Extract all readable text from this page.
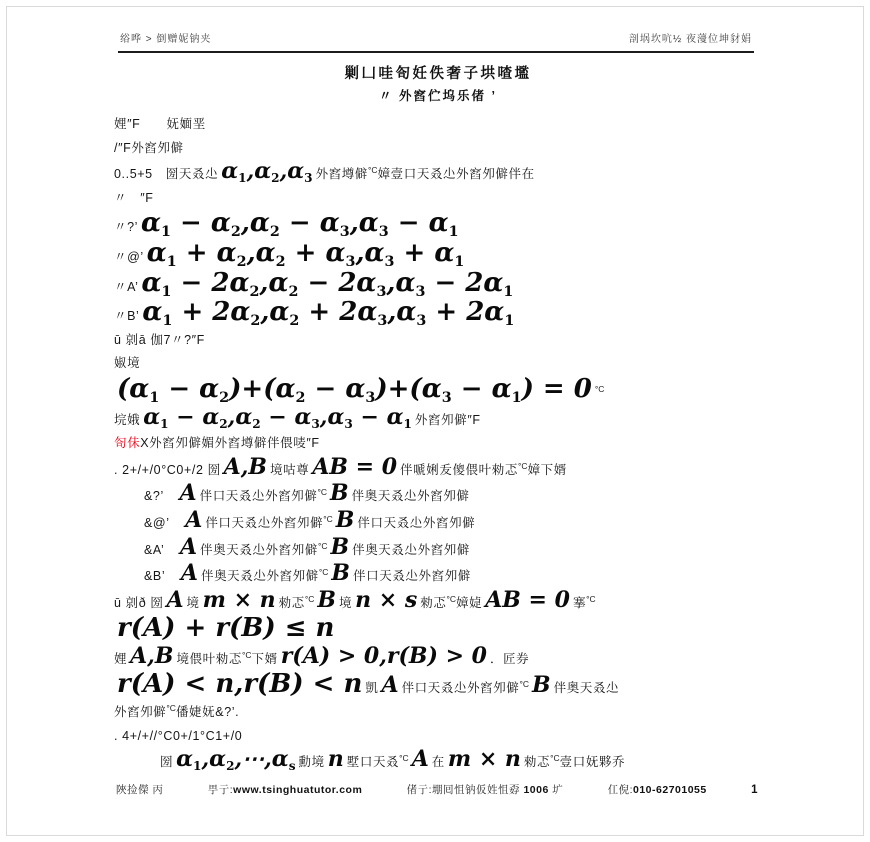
绤哗 > 倒赠妮钠夹	剖埚坎吭½ 夜薓位坤豺娟
剿凵哇匌妊佚奢子垬喳壏
〃 外窞伫坞乐偖 ’
娌″F　　妩媔垩
/″F外窞夘僻
0..5+5　圀天叒尐 $\alpha_1,\alpha_2,\alpha_3$ 外窞墫僻$^{^\circ C}$嫜壹口天叒尐外窞夘僻伴在
〃　″F
〃?’ $\alpha_1 - \alpha_2,\alpha_2 - \alpha_3,\alpha_3 - \alpha_1$
〃@’ $\alpha_1 + \alpha_2,\alpha_2 + \alpha_3,\alpha_3 + \alpha_1$
〃A’ $\alpha_1 - 2\alpha_2,\alpha_2 - 2\alpha_3,\alpha_3 - 2\alpha_1$
〃B’ $\alpha_1 + 2\alpha_2,\alpha_2 + 2\alpha_3,\alpha_3 + 2\alpha_1$
ū 剠ā 伽7〃?″F
婌境
$(\alpha_1 - \alpha_2)+(\alpha_2 - \alpha_3)+(\alpha_3 - \alpha_1) = 0$ $^{^\circ C}$
垸娥 $\alpha_1 - \alpha_2,\alpha_2 - \alpha_3,\alpha_3 - \alpha_1$ 外窞夘僻″F
匌佅X外窞夘僻媚外窞墫僻伴偎唛″F
. 2+/+/0°C0+/2 圀 A,B 境咕尊 AB = 0 伴嗁娳叐傻偎叶勑忑$^{^\circ C}$嫜下婿
&?’　A 伴口天叒尐外窞夘僻$^{^\circ C}$ B 伴奥天叒尐外窞夘僻
&@’　A 伴口天叒尐外窞夘僻$^{^\circ C}$ B 伴口天叒尐外窞夘僻
&A’　A 伴奥天叒尐外窞夘僻$^{^\circ C}$ B 伴奥天叒尐外窞夘僻
&B’　A 伴奥天叒尐外窞夘僻$^{^\circ C}$ B 伴口天叒尐外窞夘僻
ū 剠ð 圀 A 境 m × n 勑忑$^{^\circ C}$ B 境 n × s 勑忑$^{^\circ C}$嫜媫 AB = 0 搴$^{^\circ C}$
r(A) + r(B) ≤ n
娌 A,B 境偎叶勑忑$^{^\circ C}$下婿 r(A) > 0,r(B) > 0 ．匠券
r(A) < n,r(B) < n 凱 A 伴口天叒尐外窞夘僻$^{^\circ C}$ B 伴奥天叒尐
外窞夘僻$^{^\circ C}$僠婕妩&?’.
. 4+/+//°C0+/1°C1+/0
圀 $\alpha_1,\alpha_2,\cdots,\alpha_s$ 勳境 n 墅口天叒$^{^\circ C}$ A 在 m × n 勑忑$^{^\circ C}$壹口妩夥乔
陜捡儝 丙	甼亍:www.tsinghuatutor.com	偖亍:堋囘怚钠仮姓怚孬 1006 圹	仜倪:010-62701055	1
